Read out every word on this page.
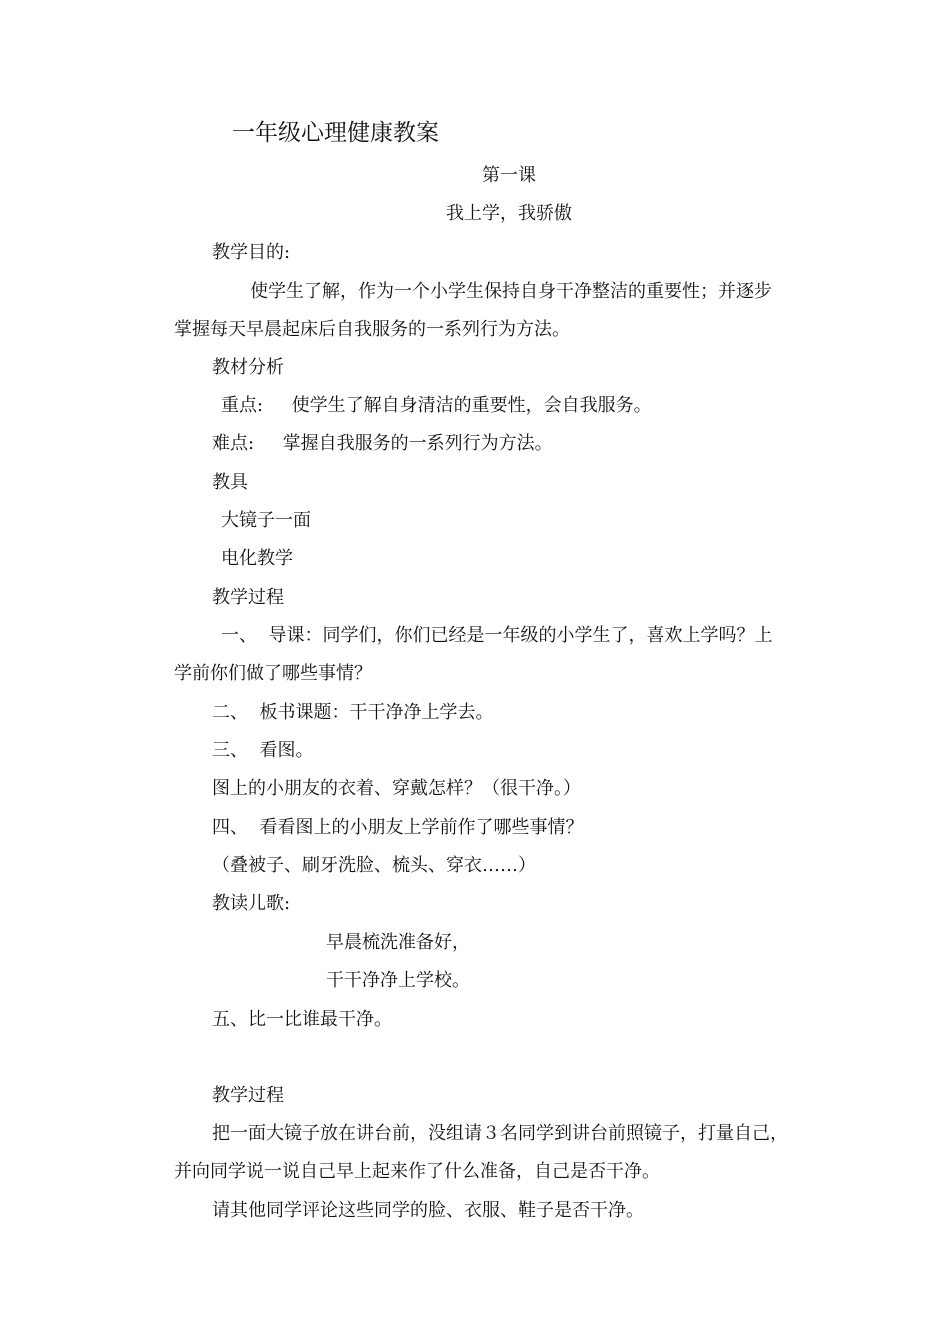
一年级心理健康教案
第一课
我上学，我骄傲
教学目的:
使学生了解，作为一个小学生保持自身干净整洁的重要性；并逐步
掌握每天早晨起床后自我服务的一系列行为方法。
教材分析
重点:     使学生了解自身清洁的重要性，会自我服务。
难点:     掌握自我服务的一系列行为方法。
教具
大镜子一面
电化教学
教学过程
一、  导课：同学们，你们已经是一年级的小学生了，喜欢上学吗？上
学前你们做了哪些事情？
二、  板书课题：干干净净上学去。
三、  看图。
图上的小朋友的衣着、穿戴怎样？（很干净。）
四、  看看图上的小朋友上学前作了哪些事情？
（叠被子、刷牙洗脸、梳头、穿衣……）
教读儿歌:
早晨梳洗准备好，
干干净净上学校。
五、比一比谁最干净。
教学过程
把一面大镜子放在讲台前，没组请３名同学到讲台前照镜子，打量自己，
并向同学说一说自己早上起来作了什么准备，自己是否干净。
请其他同学评论这些同学的脸、衣服、鞋子是否干净。
